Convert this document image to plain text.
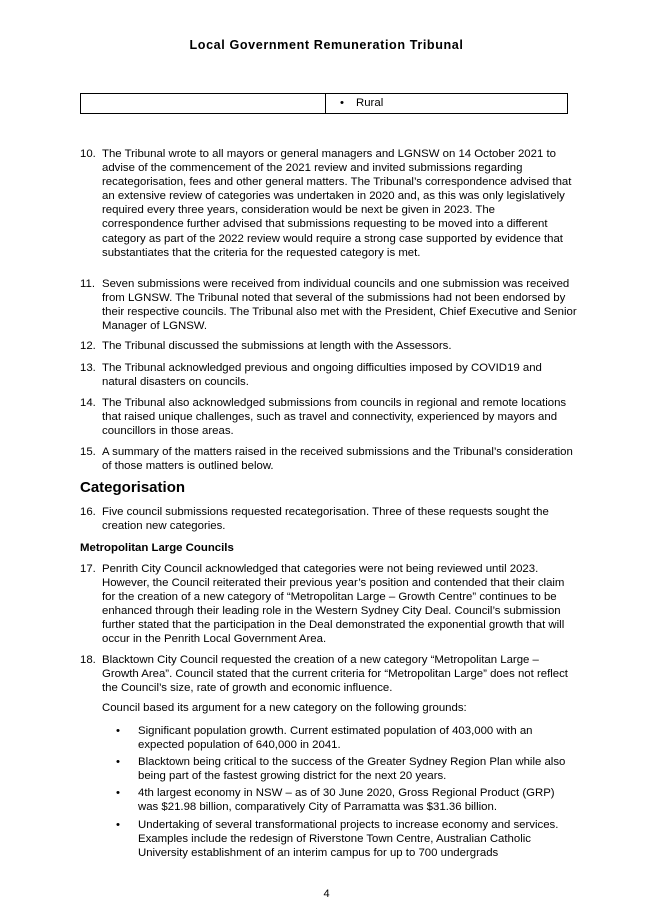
Local Government Remuneration Tribunal
• Rural
10. The Tribunal wrote to all mayors or general managers and LGNSW on 14 October 2021 to advise of the commencement of the 2021 review and invited submissions regarding recategorisation, fees and other general matters. The Tribunal’s correspondence advised that an extensive review of categories was undertaken in 2020 and, as this was only legislatively required every three years, consideration would be next be given in 2023. The correspondence further advised that submissions requesting to be moved into a different category as part of the 2022 review would require a strong case supported by evidence that substantiates that the criteria for the requested category is met.
11. Seven submissions were received from individual councils and one submission was received from LGNSW. The Tribunal noted that several of the submissions had not been endorsed by their respective councils. The Tribunal also met with the President, Chief Executive and Senior Manager of LGNSW.
12. The Tribunal discussed the submissions at length with the Assessors.
13. The Tribunal acknowledged previous and ongoing difficulties imposed by COVID19 and natural disasters on councils.
14. The Tribunal also acknowledged submissions from councils in regional and remote locations that raised unique challenges, such as travel and connectivity, experienced by mayors and councillors in those areas.
15. A summary of the matters raised in the received submissions and the Tribunal’s consideration of those matters is outlined below.
Categorisation
16. Five council submissions requested recategorisation. Three of these requests sought the creation new categories.
Metropolitan Large Councils
17. Penrith City Council acknowledged that categories were not being reviewed until 2023. However, the Council reiterated their previous year’s position and contended that their claim for the creation of a new category of “Metropolitan Large – Growth Centre” continues to be enhanced through their leading role in the Western Sydney City Deal. Council’s submission further stated that the participation in the Deal demonstrated the exponential growth that will occur in the Penrith Local Government Area.
18. Blacktown City Council requested the creation of a new category “Metropolitan Large – Growth Area”. Council stated that the current criteria for “Metropolitan Large” does not reflect the Council’s size, rate of growth and economic influence.
Council based its argument for a new category on the following grounds:
• Significant population growth. Current estimated population of 403,000 with an expected population of 640,000 in 2041.
• Blacktown being critical to the success of the Greater Sydney Region Plan while also being part of the fastest growing district for the next 20 years.
• 4th largest economy in NSW – as of 30 June 2020, Gross Regional Product (GRP) was $21.98 billion, comparatively City of Parramatta was $31.36 billion.
• Undertaking of several transformational projects to increase economy and services. Examples include the redesign of Riverstone Town Centre, Australian Catholic University establishment of an interim campus for up to 700 undergrads
4
